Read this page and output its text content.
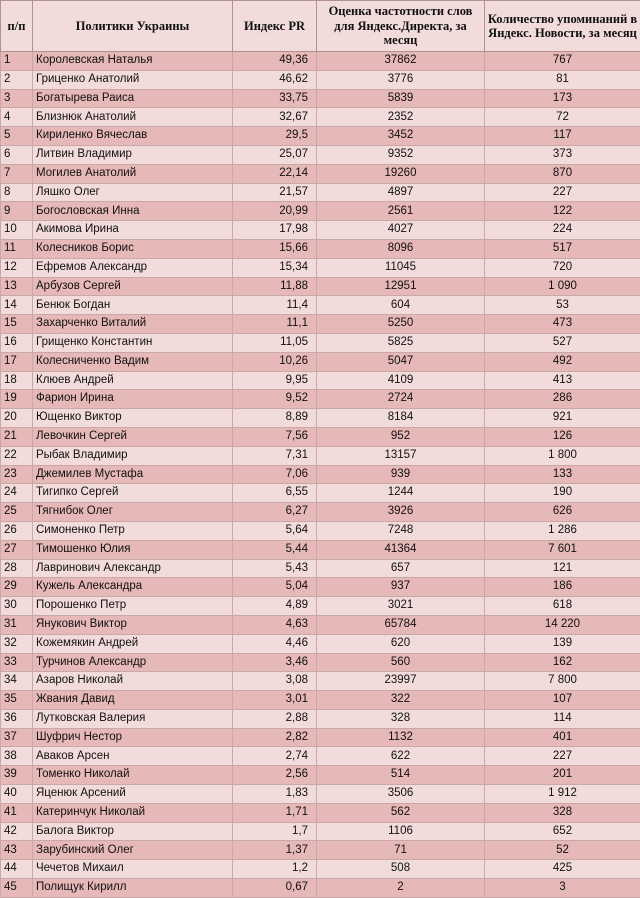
п/п	Политики Украины	Индекс PR	Оценка частотности слов для Яндекс.Директа, за месяц	Количество упоминаний в Яндекс. Новости, за месяц
1	Королевская Наталья	49,36	37862	767
2	Гриценко Анатолий	46,62	3776	81
3	Богатырева Раиса	33,75	5839	173
4	Близнюк Анатолий	32,67	2352	72
5	Кириленко Вячеслав	29,5	3452	117
6	Литвин Владимир	25,07	9352	373
7	Могилев Анатолий	22,14	19260	870
8	Ляшко Олег	21,57	4897	227
9	Богословская Инна	20,99	2561	122
10	Акимова Ирина	17,98	4027	224
11	Колесников Борис	15,66	8096	517
12	Ефремов Александр	15,34	11045	720
13	Арбузов Сергей	11,88	12951	1 090
14	Бенюк Богдан	11,4	604	53
15	Захарченко Виталий	11,1	5250	473
16	Грищенко Константин	11,05	5825	527
17	Колесниченко Вадим	10,26	5047	492
18	Клюев Андрей	9,95	4109	413
19	Фарион Ирина	9,52	2724	286
20	Ющенко Виктор	8,89	8184	921
21	Левочкин Сергей	7,56	952	126
22	Рыбак Владимир	7,31	13157	1 800
23	Джемилев Мустафа	7,06	939	133
24	Тигипко Сергей	6,55	1244	190
25	Тягнибок Олег	6,27	3926	626
26	Симоненко Петр	5,64	7248	1 286
27	Тимошенко Юлия	5,44	41364	7 601
28	Лавринович Александр	5,43	657	121
29	Кужель Александра	5,04	937	186
30	Порошенко Петр	4,89	3021	618
31	Янукович Виктор	4,63	65784	14 220
32	Кожемякин Андрей	4,46	620	139
33	Турчинов Александр	3,46	560	162
34	Азаров Николай	3,08	23997	7 800
35	Жвания Давид	3,01	322	107
36	Лутковская Валерия	2,88	328	114
37	Шуфрич Нестор	2,82	1132	401
38	Аваков Арсен	2,74	622	227
39	Томенко Николай	2,56	514	201
40	Яценюк Арсений	1,83	3506	1 912
41	Катеринчук Николай	1,71	562	328
42	Балога Виктор	1,7	1106	652
43	Зарубинский Олег	1,37	71	52
44	Чечетов Михаил	1,2	508	425
45	Полищук Кирилл	0,67	2	3
